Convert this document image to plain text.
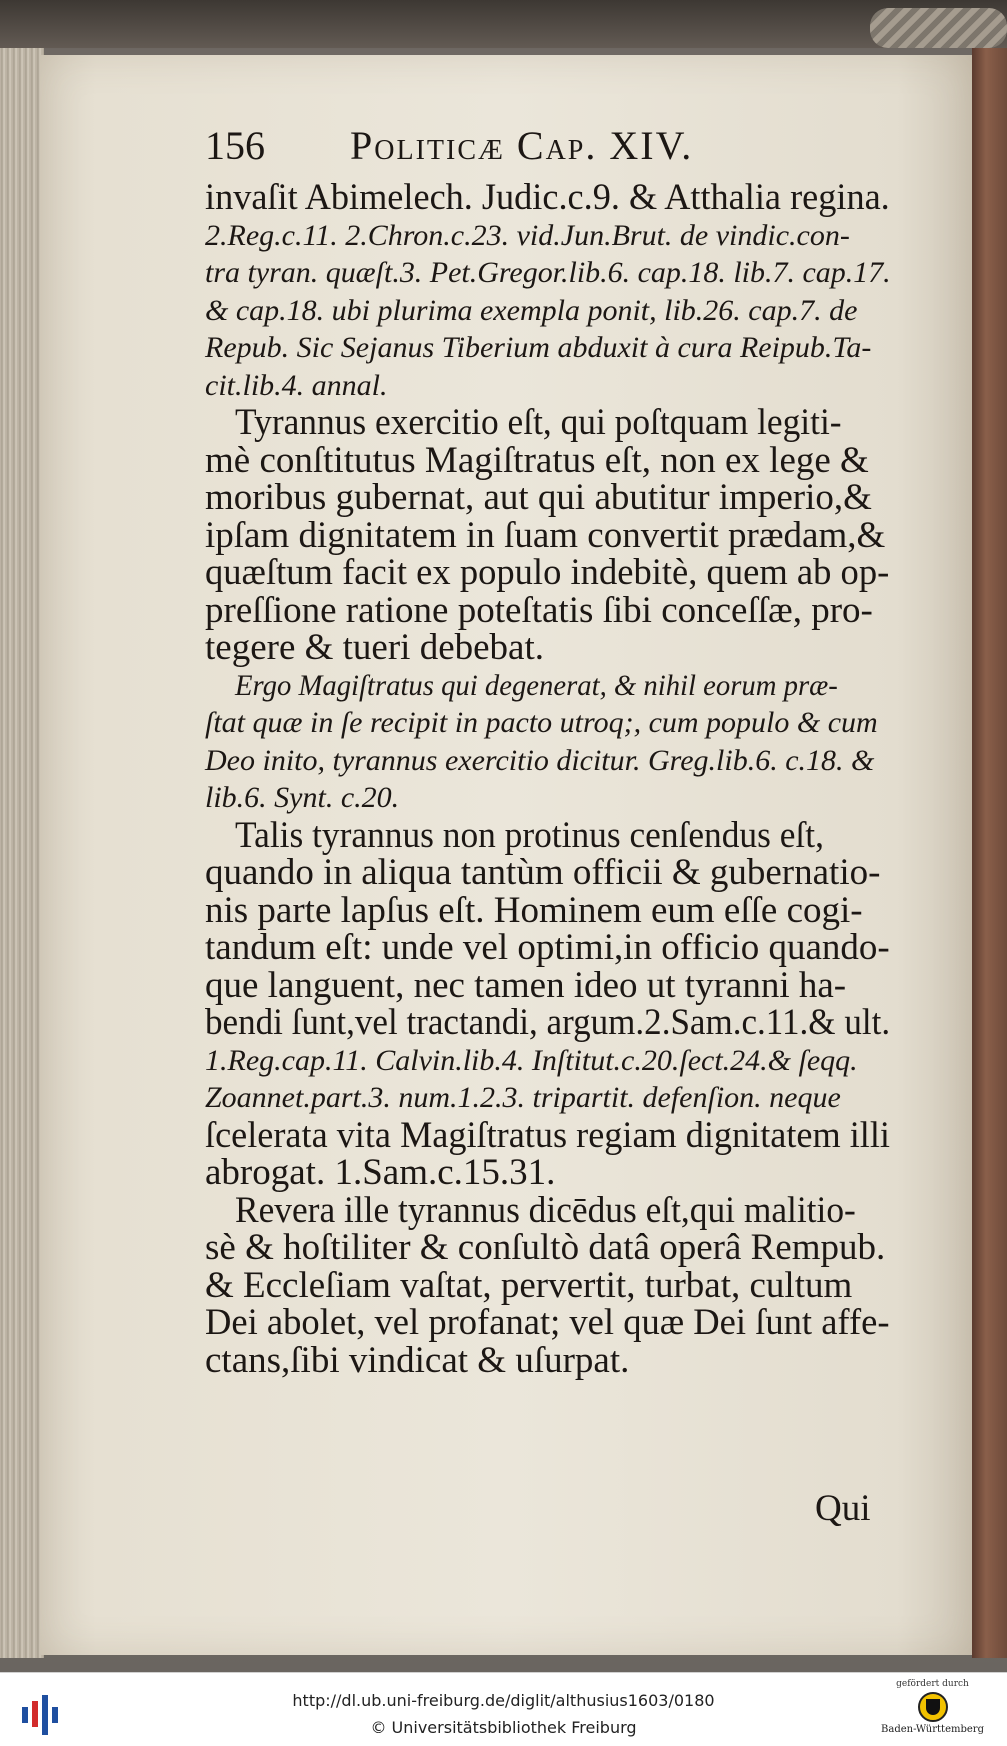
156 Politicæ Cap. XIV.
invaſit Abimelech. Judic.c.9. & Atthalia regina.
2.Reg.c.11. 2.Chron.c.23. vid.Jun.Brut. de vindic.con-
tra tyran. quæſt.3. Pet.Gregor.lib.6. cap.18. lib.7. cap.17.
& cap.18. ubi plurima exempla ponit, lib.26. cap.7. de
Repub. Sic Sejanus Tiberium abduxit à cura Reipub.Ta-
cit.lib.4. annal.
Tyrannus exercitio eſt, qui poſtquam legiti-
mè conſtitutus Magiſtratus eſt, non ex lege &
moribus gubernat, aut qui abutitur imperio,&
ipſam dignitatem in ſuam convertit prædam,&
quæſtum facit ex populo indebitè, quem ab op-
preſſione ratione poteſtatis ſibi conceſſæ, pro-
tegere & tueri debebat.
Ergo Magiſtratus qui degenerat, & nihil eorum præ-
ſtat quæ in ſe recipit in pacto utroq;, cum populo & cum
Deo inito, tyrannus exercitio dicitur. Greg.lib.6. c.18. &
lib.6. Synt. c.20.
Talis tyrannus non protinus cenſendus eſt,
quando in aliqua tantùm officii & gubernatio-
nis parte lapſus eſt. Hominem eum eſſe cogi-
tandum eſt: unde vel optimi,in officio quando-
que languent, nec tamen ideo ut tyranni ha-
bendi ſunt,vel tractandi, argum.2.Sam.c.11.& ult.
1.Reg.cap.11. Calvin.lib.4. Inſtitut.c.20.ſect.24.& ſeqq.
Zoannet.part.3. num.1.2.3. tripartit. defenſion. neque
ſcelerata vita Magiſtratus regiam dignitatem illi
abrogat. 1.Sam.c.15.31.
Revera ille tyrannus dicēdus eſt,qui malitio-
sè & hoſtiliter & conſultò datâ operâ Rempub.
& Eccleſiam vaſtat, pervertit, turbat, cultum
Dei abolet, vel profanat; vel quæ Dei ſunt affe-
ctans,ſibi vindicat & uſurpat.
Qui
http://dl.ub.uni-freiburg.de/diglit/althusius1603/0180
© Universitätsbibliothek Freiburg
gefördert durch
Baden-Württemberg
